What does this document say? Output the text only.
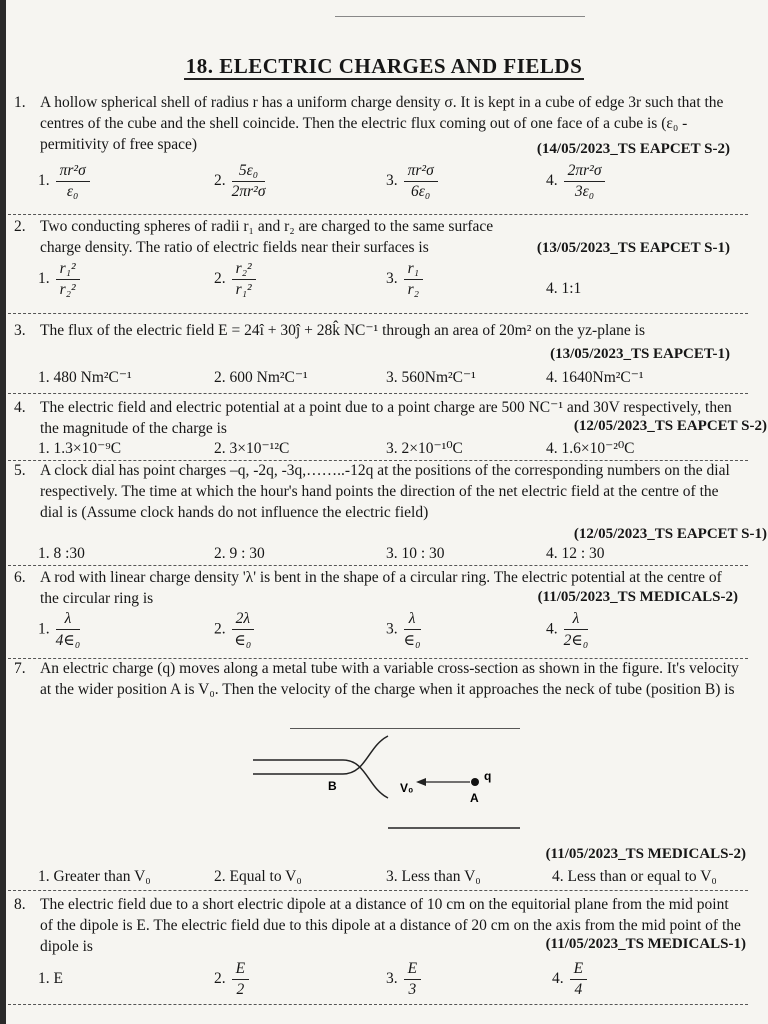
18. ELECTRIC CHARGES AND FIELDS
1. A hollow spherical shell of radius r has a uniform charge density σ. It is kept in a cube of edge 3r such that the centres of the cube and the shell coincide. Then the electric flux coming out of one face of a cube is (ε₀ - permitivity of free space)	(14/05/2023_TS EAPCET S-2)
1. $\frac{\text{πr²σ}}{\text{ε₀}}$	2. $\frac{\text{5ε₀}}{\text{2πr²σ}}$	3. $\frac{\text{πr²σ}}{\text{6ε₀}}$	4. $\frac{\text{2πr²σ}}{\text{3ε₀}}$
2. Two conducting spheres of radii r₁ and r₂ are charged to the same surface charge density. The ratio of electric fields near their surfaces is	(13/05/2023_TS EAPCET S-1)
1. $\frac{\text{r₁²}}{\text{r₂²}}$	2. $\frac{\text{r₂²}}{\text{r₁²}}$	3. $\frac{\text{r₁}}{\text{r₂}}$	4. 1:1
3. The flux of the electric field E = 24î + 30ĵ + 28k̂ NC⁻¹ through an area of 20m² on the yz-plane is
(13/05/2023_TS EAPCET-1)
1. 480 Nm²C⁻¹	2. 600 Nm²C⁻¹	3. 560Nm²C⁻¹	4. 1640Nm²C⁻¹
4. The electric field and electric potential at a point due to a point charge are 500 NC⁻¹ and 30V respectively, then the magnitude of the charge is	(12/05/2023_TS EAPCET S-2)
1. 1.3×10⁻⁹C	2. 3×10⁻¹²C	3. 2×10⁻¹⁰C	4. 1.6×10⁻²⁰C
5. A clock dial has point charges –q, -2q, -3q,……..-12q at the positions of the corresponding numbers on the dial respectively. The time at which the hour's hand points the direction of the net electric field at the centre of the dial is (Assume clock hands do not influence the electric field)
(12/05/2023_TS EAPCET S-1)
1. 8 :30	2. 9 : 30	3. 10 : 30	4. 12 : 30
6. A rod with linear charge density 'λ' is bent in the shape of a circular ring. The electric potential at the centre of the circular ring is	(11/05/2023_TS MEDICALS-2)
1. $\frac{\lambda}{\text{4∈₀}}$	2. $\frac{2\lambda}{\text{∈₀}}$	3. $\frac{\lambda}{\text{∈₀}}$	4. $\frac{\lambda}{\text{2∈₀}}$
7. An electric charge (q) moves along a metal tube with a variable cross-section as shown in the figure. It's velocity at the wider position A is V₀. Then the velocity of the charge when it approaches the neck of tube (position B) is
B	V₀
A
q
(11/05/2023_TS MEDICALS-2)
1. Greater than V₀	2. Equal to V₀	3. Less than V₀	4. Less than or equal to V₀
8. The electric field due to a short electric dipole at a distance of 10 cm on the equitorial plane from the mid point of the dipole is E. The electric field due to this dipole at a distance of 20 cm on the axis from the mid point of the dipole is	(11/05/2023_TS MEDICALS-1)
1. E	2. $\frac{E}{2}$	3. $\frac{E}{3}$	4. $\frac{E}{4}$
